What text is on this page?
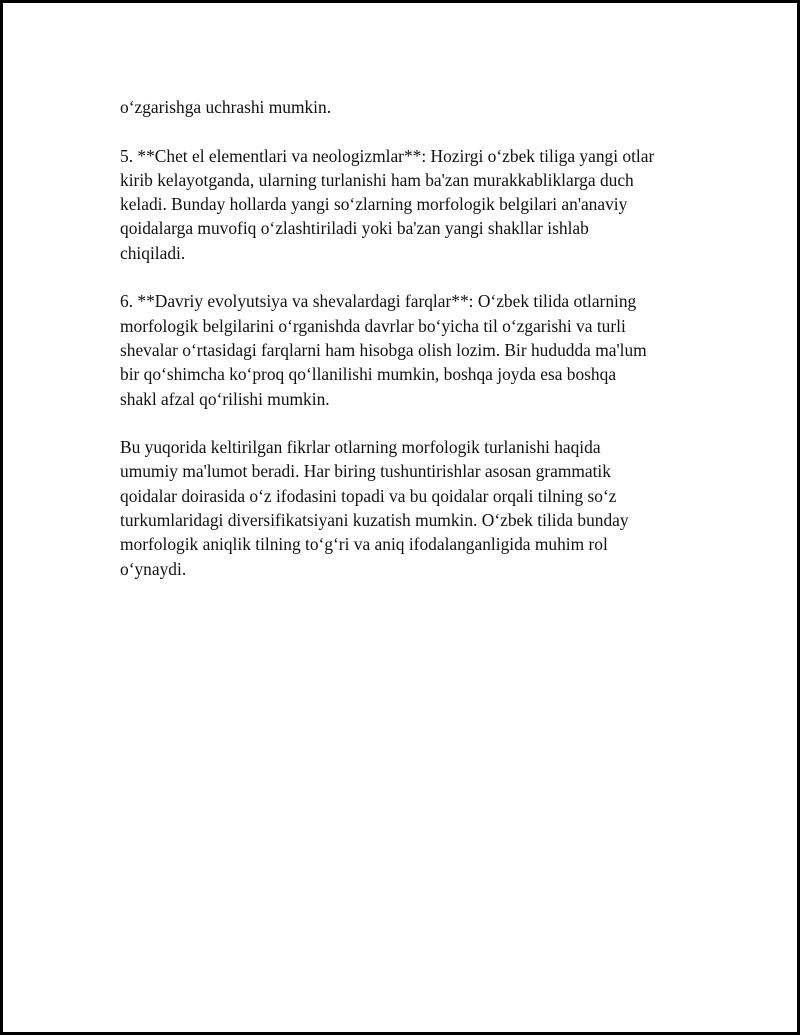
o‘zgarishga uchrashi mumkin.

5. **Chet el elementlari va neologizmlar**: Hozirgi o‘zbek tiliga yangi otlar
kirib kelayotganda, ularning turlanishi ham ba'zan murakkabliklarga duch
keladi. Bunday hollarda yangi so‘zlarning morfologik belgilari an'anaviy
qoidalarga muvofiq o‘zlashtiriladi yoki ba'zan yangi shakllar ishlab
chiqiladi.

6. **Davriy evolyutsiya va shevalardagi farqlar**: O‘zbek tilida otlarning
morfologik belgilarini o‘rganishda davrlar bo‘yicha til o‘zgarishi va turli
shevalar o‘rtasidagi farqlarni ham hisobga olish lozim. Bir hududda ma'lum
bir qo‘shimcha ko‘proq qo‘llanilishi mumkin, boshqa joyda esa boshqa
shakl afzal qo‘rilishi mumkin.

Bu yuqorida keltirilgan fikrlar otlarning morfologik turlanishi haqida
umumiy ma'lumot beradi. Har biring tushuntirishlar asosan grammatik
qoidalar doirasida o‘z ifodasini topadi va bu qoidalar orqali tilning so‘z
turkumlaridagi diversifikatsiyani kuzatish mumkin. O‘zbek tilida bunday
morfologik aniqlik tilning to‘g‘ri va aniq ifodalanganligida muhim rol
o‘ynaydi.
